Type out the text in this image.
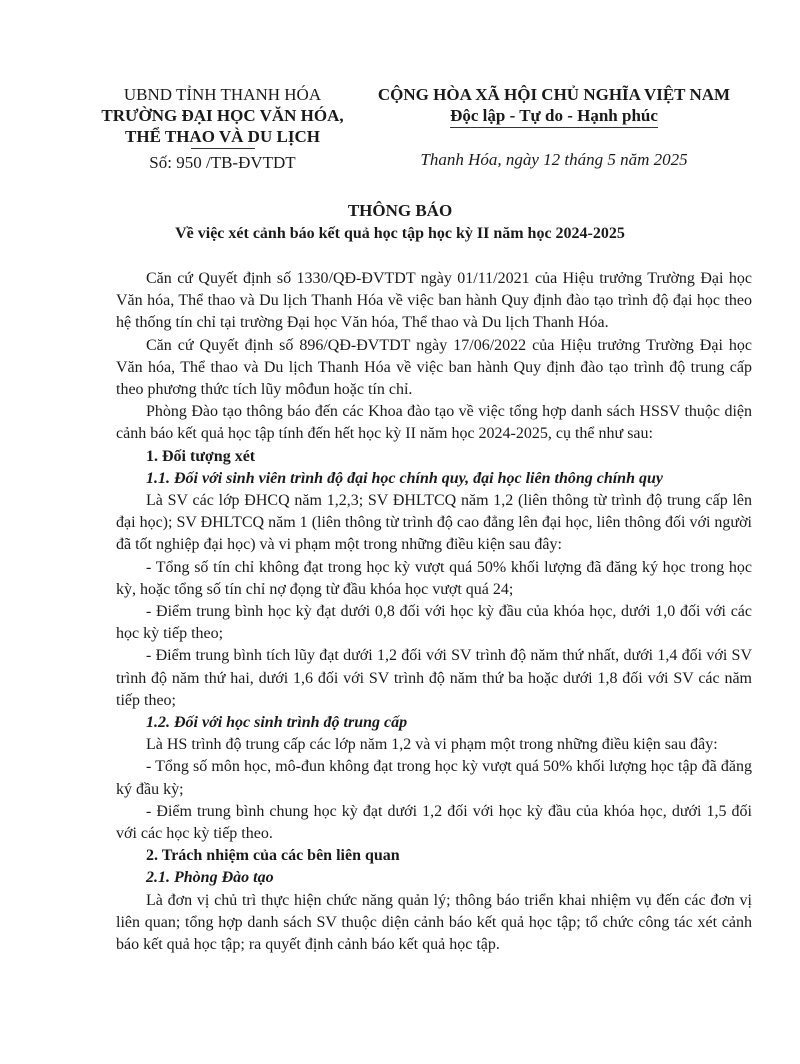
UBND TỈNH THANH HÓA
TRƯỜNG ĐẠI HỌC VĂN HÓA,
THỂ THAO VÀ DU LỊCH
Số: 950 /TB-ĐVTDT
CỘNG HÒA XÃ HỘI CHỦ NGHĨA VIỆT NAM
Độc lập - Tự do - Hạnh phúc
Thanh Hóa, ngày 12 tháng 5 năm 2025
THÔNG BÁO
Về việc xét cảnh báo kết quả học tập học kỳ II năm học 2024-2025

Căn cứ Quyết định số 1330/QĐ-ĐVTDT ngày 01/11/2021 của Hiệu trưởng Trường Đại học Văn hóa, Thể thao và Du lịch Thanh Hóa về việc ban hành Quy định đào tạo trình độ đại học theo hệ thống tín chỉ tại trường Đại học Văn hóa, Thể thao và Du lịch Thanh Hóa.

Căn cứ Quyết định số 896/QĐ-ĐVTDT ngày 17/06/2022 của Hiệu trưởng Trường Đại học Văn hóa, Thể thao và Du lịch Thanh Hóa về việc ban hành Quy định đào tạo trình độ trung cấp theo phương thức tích lũy môđun hoặc tín chỉ.

Phòng Đào tạo thông báo đến các Khoa đào tạo về việc tổng hợp danh sách HSSV thuộc diện cảnh báo kết quả học tập tính đến hết học kỳ II năm học 2024-2025, cụ thể như sau:

1. Đối tượng xét

1.1. Đối với sinh viên trình độ đại học chính quy, đại học liên thông chính quy

Là SV các lớp ĐHCQ năm 1,2,3; SV ĐHLTCQ năm 1,2 (liên thông từ trình độ trung cấp lên đại học); SV ĐHLTCQ năm 1 (liên thông từ trình độ cao đẳng lên đại học, liên thông đối với người đã tốt nghiệp đại học) và vi phạm một trong những điều kiện sau đây:

- Tổng số tín chỉ không đạt trong học kỳ vượt quá 50% khối lượng đã đăng ký học trong học kỳ, hoặc tổng số tín chỉ nợ đọng từ đầu khóa học vượt quá 24;

- Điểm trung bình học kỳ đạt dưới 0,8 đối với học kỳ đầu của khóa học, dưới 1,0 đối với các học kỳ tiếp theo;

- Điểm trung bình tích lũy đạt dưới 1,2 đối với SV trình độ năm thứ nhất, dưới 1,4 đối với SV trình độ năm thứ hai, dưới 1,6 đối với SV trình độ năm thứ ba hoặc dưới 1,8 đối với SV các năm tiếp theo;

1.2. Đối với học sinh trình độ trung cấp

Là HS trình độ trung cấp các lớp năm 1,2 và vi phạm một trong những điều kiện sau đây:

- Tổng số môn học, mô-đun không đạt trong học kỳ vượt quá 50% khối lượng học tập đã đăng ký đầu kỳ;

- Điểm trung bình chung học kỳ đạt dưới 1,2 đối với học kỳ đầu của khóa học, dưới 1,5 đối với các học kỳ tiếp theo.

2. Trách nhiệm của các bên liên quan

2.1. Phòng Đào tạo

Là đơn vị chủ trì thực hiện chức năng quản lý; thông báo triển khai nhiệm vụ đến các đơn vị liên quan; tổng hợp danh sách SV thuộc diện cảnh báo kết quả học tập; tổ chức công tác xét cảnh báo kết quả học tập; ra quyết định cảnh báo kết quả học tập.
